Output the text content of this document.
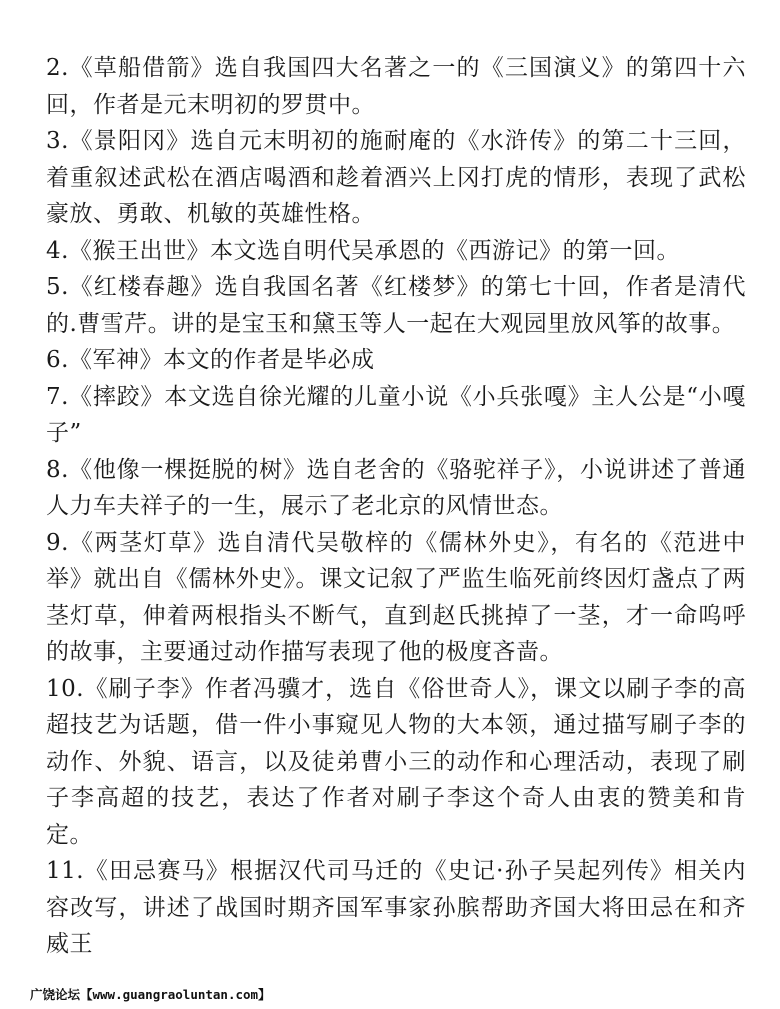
2.《草船借箭》选自我国四大名著之一的《三国演义》的第四十六回，作者是元末明初的罗贯中。

3.《景阳冈》选自元末明初的施耐庵的《水浒传》的第二十三回，着重叙述武松在酒店喝酒和趁着酒兴上冈打虎的情形，表现了武松豪放、勇敢、机敏的英雄性格。

4.《猴王出世》本文选自明代吴承恩的《西游记》的第一回。

5.《红楼春趣》选自我国名著《红楼梦》的第七十回，作者是清代的.曹雪芹。讲的是宝玉和黛玉等人一起在大观园里放风筝的故事。

6.《军神》本文的作者是毕必成

7.《摔跤》本文选自徐光耀的儿童小说《小兵张嘎》主人公是“小嘎子”

8.《他像一棵挺脱的树》选自老舍的《骆驼祥子》，小说讲述了普通人力车夫祥子的一生，展示了老北京的风情世态。

9.《两茎灯草》选自清代吴敬梓的《儒林外史》，有名的《范进中举》就出自《儒林外史》。课文记叙了严监生临死前终因灯盏点了两茎灯草，伸着两根指头不断气，直到赵氏挑掉了一茎，才一命呜呼的故事，主要通过动作描写表现了他的极度吝啬。

10.《刷子李》作者冯骥才，选自《俗世奇人》，课文以刷子李的高超技艺为话题，借一件小事窥见人物的大本领，通过描写刷子李的动作、外貌、语言，以及徒弟曹小三的动作和心理活动，表现了刷子李高超的技艺，表达了作者对刷子李这个奇人由衷的赞美和肯定。

11.《田忌赛马》根据汉代司马迁的《史记·孙子吴起列传》相关内容改写，讲述了战国时期齐国军事家孙膑帮助齐国大将田忌在和齐威王

广饶论坛【www.guangraoluntan.com】
